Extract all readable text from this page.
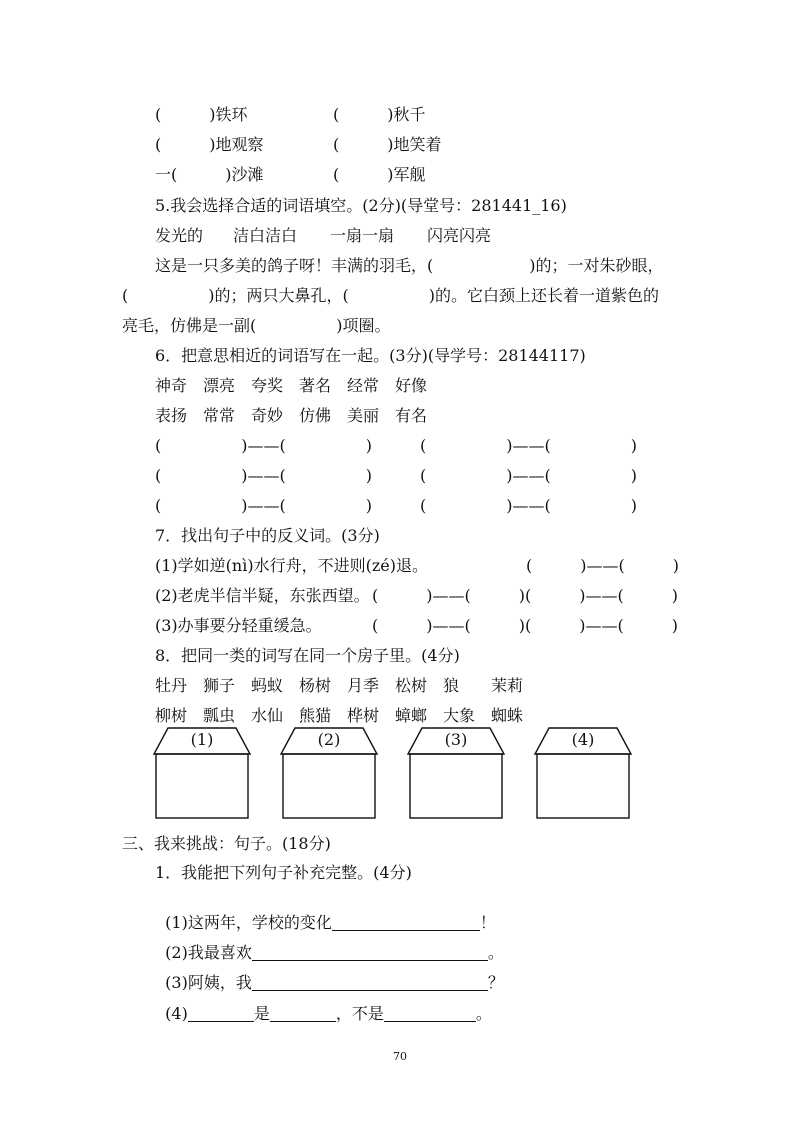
(　　　)铁环	(　　　)秋千
(　　　)地观察	(　　　)地笑着
一(　　　)沙滩	(　　　)军舰
5.我会选择合适的词语填空。(2分)(导堂号：281441_16)
发光的 洁白洁白 一扇一扇 闪亮闪亮
这是一只多美的鸽子呀！丰满的羽毛，(　　　　　　)的；一对朱砂眼，
(　　　　　)的；两只大鼻孔，(　　　　　)的。它白颈上还长着一道紫色的
亮毛，仿佛是一副(　　　　　)项圈。
6．把意思相近的词语写在一起。(3分)(导学号：28144117)
神奇 漂亮 夸奖 著名 经常 好像
表扬 常常 奇妙 仿佛 美丽 有名
(　　　　　)——(　　　　　)　　　(　　　　　)——(　　　　　)
(　　　　　)——(　　　　　)　　　(　　　　　)——(　　　　　)
(　　　　　)——(　　　　　)　　　(　　　　　)——(　　　　　)
7．找出句子中的反义词。(3分)
(1)学如逆(nì)水行舟，不进则(zé)退。	(　　　)——(　　　)
(2)老虎半信半疑，东张西望。 (　　　)——(　　　)(　　　)——(　　　)
(3)办事要分轻重缓急。	(　　　)——(　　　)(　　　)——(　　　)
8．把同一类的词写在同一个房子里。(4分)
牡丹 狮子 蚂蚁 杨树 月季 松树 狼 茉莉
柳树 瓢虫 水仙 熊猫 桦树 蟑螂 大象 蜘蛛
(1)	(2)	(3)	(4)
三、我来挑战：句子。(18分)
1．我能把下列句子补充完整。(4分)

(1)这两年，学校的变化	！

(2)我最喜欢	。

(3)阿姨，我	？

(4)	是	，不是	。

70
